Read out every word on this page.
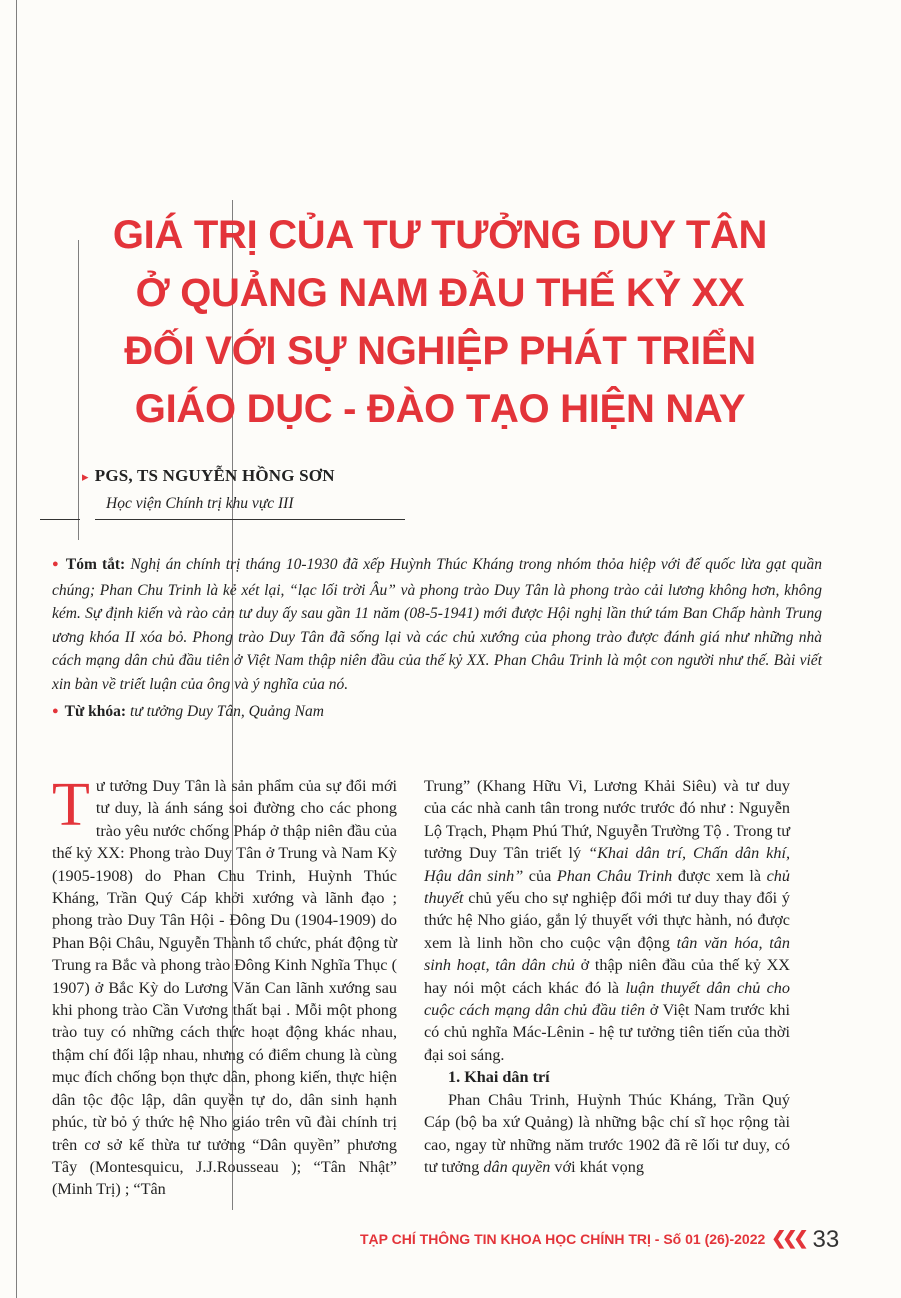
GIÁ TRỊ CỦA TƯ TƯỞNG DUY TÂN
Ở QUẢNG NAM ĐẦU THẾ KỶ XX
ĐỐI VỚI SỰ NGHIỆP PHÁT TRIỂN
GIÁO DỤC - ĐÀO TẠO HIỆN NAY
▸ PGS, TS NGUYỄN HỒNG SƠN
Học viện Chính trị khu vực III

● Tóm tắt: Nghị án chính trị tháng 10-1930 đã xếp Huỳnh Thúc Kháng trong nhóm thỏa hiệp với đế quốc lừa gạt quần chúng; Phan Chu Trinh là kẻ xét lại, “lạc lối trời Âu” và phong trào Duy Tân là phong trào cải lương không hơn, không kém. Sự định kiến và rào cản tư duy ấy sau gần 11 năm (08-5-1941) mới được Hội nghị lần thứ tám Ban Chấp hành Trung ương khóa II xóa bỏ. Phong trào Duy Tân đã sống lại và các chủ xướng của phong trào được đánh giá như những nhà cách mạng dân chủ đầu tiên ở Việt Nam thập niên đầu của thế kỷ XX. Phan Châu Trinh là một con người như thế. Bài viết xin bàn về triết luận của ông và ý nghĩa của nó.

● Từ khóa: tư tưởng Duy Tân, Quảng Nam

Tư tưởng Duy Tân là sản phẩm của sự đổi mới tư duy, là ánh sáng soi đường cho các phong trào yêu nước chống Pháp ở thập niên đầu của thế kỷ XX: Phong trào Duy Tân ở Trung và Nam Kỳ (1905-1908) do Phan Chu Trinh, Huỳnh Thúc Kháng, Trần Quý Cáp khởi xướng và lãnh đạo ; phong trào Duy Tân Hội - Đông Du (1904-1909) do Phan Bội Châu, Nguyễn Thành tổ chức, phát động từ Trung ra Bắc và phong trào Đông Kinh Nghĩa Thục ( 1907) ở Bắc Kỳ do Lương Văn Can lãnh xướng sau khi phong trào Cần Vương thất bại . Mỗi một phong trào tuy có những cách thức hoạt động khác nhau, thậm chí đối lập nhau, nhưng có điểm chung là cùng mục đích chống bọn thực dân, phong kiến, thực hiện dân tộc độc lập, dân quyền tự do, dân sinh hạnh phúc, từ bỏ ý thức hệ Nho giáo trên vũ đài chính trị trên cơ sở kế thừa tư tưởng “Dân quyền” phương Tây (Montesquicu, J.J.Rousseau ); “Tân Nhật” (Minh Trị) ; “Tân

Trung” (Khang Hữu Vi, Lương Khải Siêu) và tư duy của các nhà canh tân trong nước trước đó như : Nguyễn Lộ Trạch, Phạm Phú Thứ, Nguyễn Trường Tộ . Trong tư tưởng Duy Tân triết lý “Khai dân trí, Chấn dân khí, Hậu dân sinh” của Phan Châu Trinh được xem là chủ thuyết chủ yếu cho sự nghiệp đổi mới tư duy thay đổi ý thức hệ Nho giáo, gắn lý thuyết với thực hành, nó được xem là linh hồn cho cuộc vận động tân văn hóa, tân sinh hoạt, tân dân chủ ở thập niên đầu của thế kỷ XX hay nói một cách khác đó là luận thuyết dân chủ cho cuộc cách mạng dân chủ đầu tiên ở Việt Nam trước khi có chủ nghĩa Mác-Lênin - hệ tư tưởng tiên tiến của thời đại soi sáng.

1. Khai dân trí

Phan Châu Trinh, Huỳnh Thúc Kháng, Trần Quý Cáp (bộ ba xứ Quảng) là những bậc chí sĩ học rộng tài cao, ngay từ những năm trước 1902 đã rẽ lối tư duy, có tư tưởng dân quyền với khát vọng

TẠP CHÍ THÔNG TIN KHOA HỌC CHÍNH TRỊ - Số 01 (26)-2022 ❮❮❮ 33
